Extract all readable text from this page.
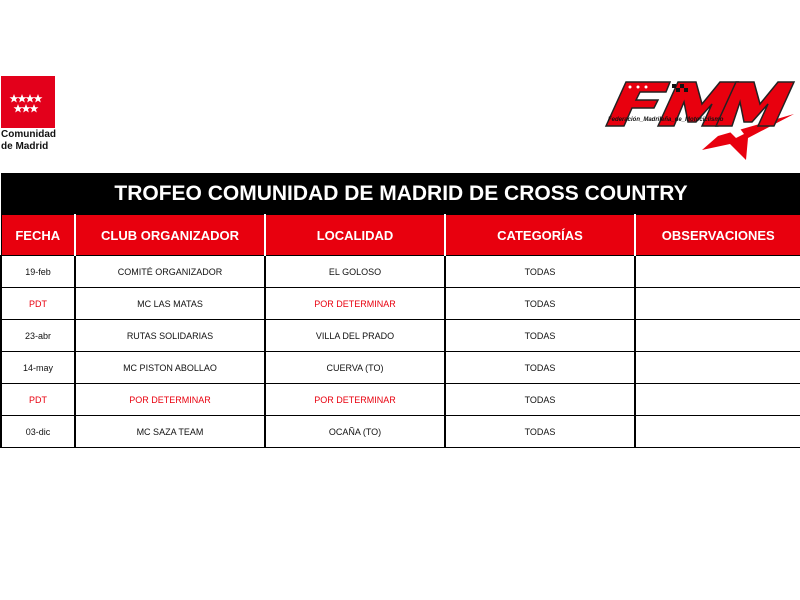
Comunidad
de Madrid
Federación_Madrileña_de_Motociclismo
TROFEO COMUNIDAD DE MADRID DE CROSS COUNTRY				
FECHA	CLUB ORGANIZADOR	LOCALIDAD	CATEGORÍAS	OBSERVACIONES
19-feb	COMITÉ ORGANIZADOR	EL GOLOSO	TODAS	
PDT	MC LAS MATAS	POR DETERMINAR	TODAS	
23-abr	RUTAS SOLIDARIAS	VILLA DEL PRADO	TODAS	
14-may	MC PISTON ABOLLAO	CUERVA (TO)	TODAS	
PDT	POR DETERMINAR	POR DETERMINAR	TODAS	
03-dic	MC SAZA TEAM	OCAÑA (TO)	TODAS	
